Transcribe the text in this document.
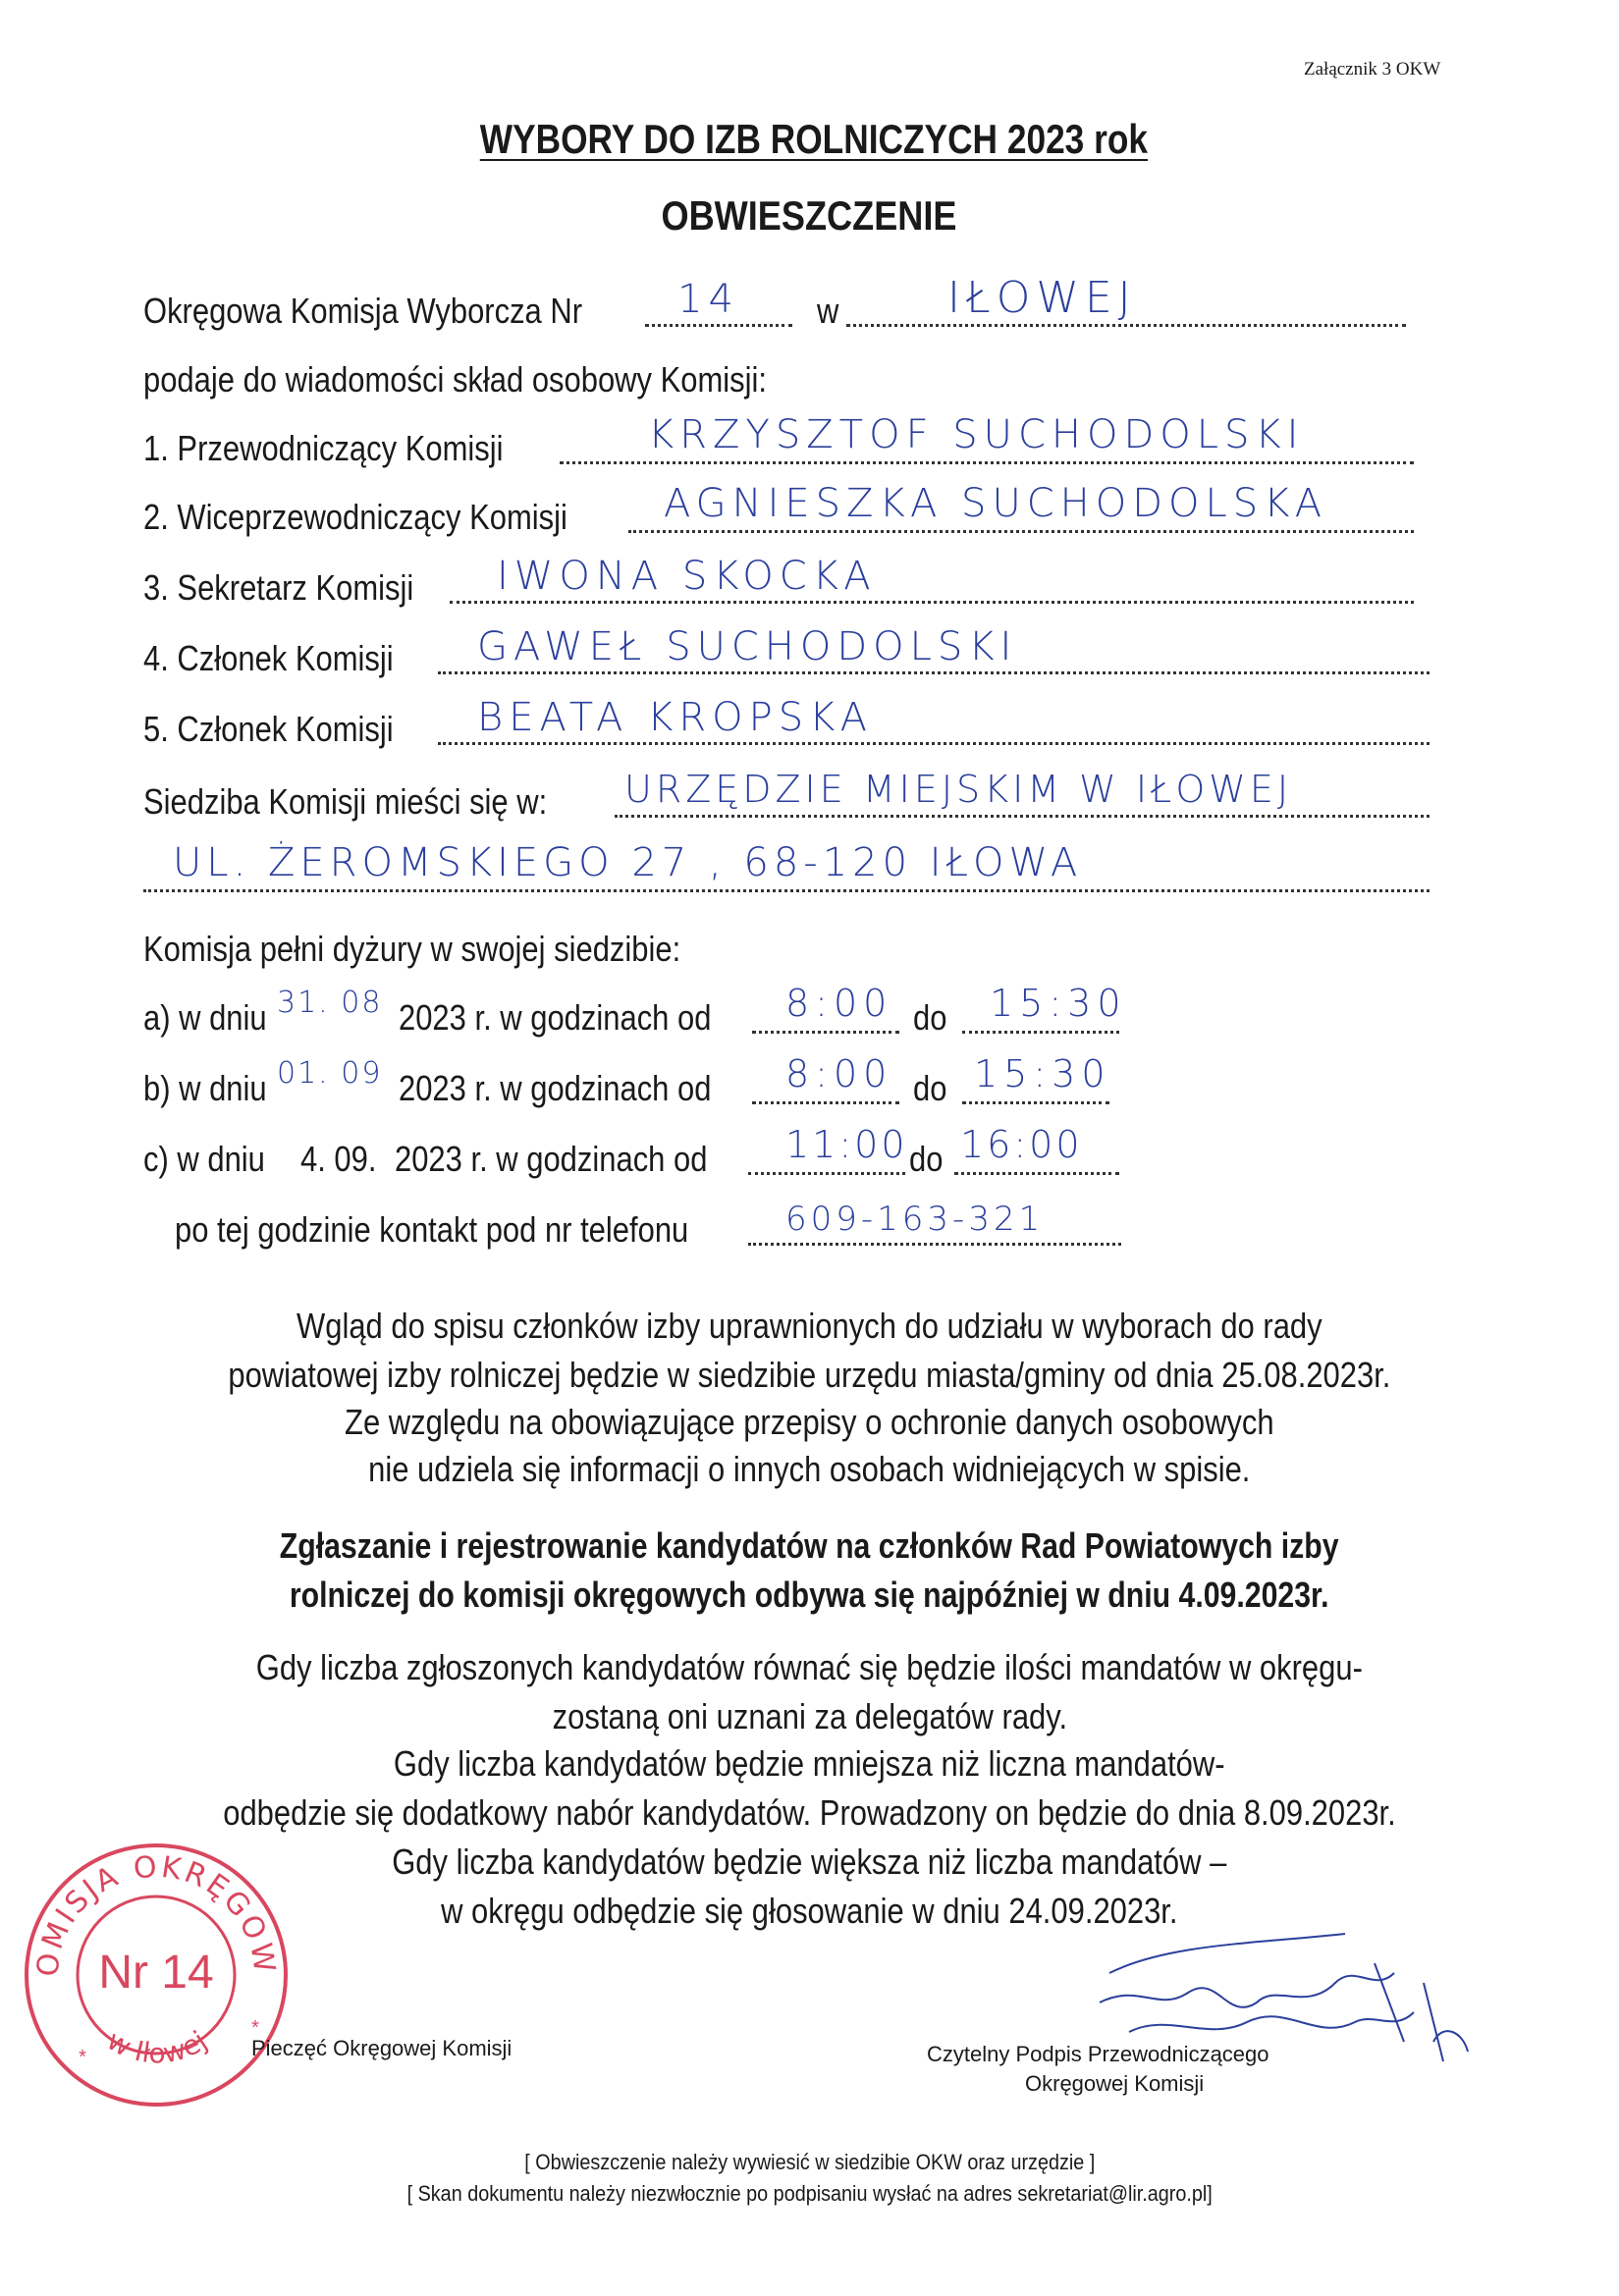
Załącznik 3 OKW
WYBORY DO IZB ROLNICZYCH 2023 rok
OBWIESZCZENIE
Okręgowa Komisja Wyborcza Nr 14 w	IŁOWEJ
podaje do wiadomości skład osobowy Komisji:
1. Przewodniczący Komisji	KRZYSZTOF SUCHODOLSKI
2. Wiceprzewodniczący Komisji AGNIESZKA SUCHODOLSKA
3. Sekretarz Komisji IWONA SKOCKA
4. Członek Komisji GAWEŁ SUCHODOLSKI
5. Członek Komisji BEATA KROPSKA
Siedziba Komisji mieści się w: URZĘDZIE MIEJSKIM W IŁOWEJ
UL. ŻEROMSKIEGO 27 , 68-120 IŁOWA
Komisja pełni dyżury w swojej siedzibie:
a) w dniu 31. 08 2023 r. w godzinach od 8:00 do 15:30
b) w dniu 01. 09 2023 r. w godzinach od 8:00 do 15:30
c) w dniu 4. 09. 2023 r. w godzinach od 11:00 do 16:00
po tej godzinie kontakt pod nr telefonu	609-163-321
Wgląd do spisu członków izby uprawnionych do udziału w wyborach do rady
powiatowej izby rolniczej będzie w siedzibie urzędu miasta/gminy od dnia 25.08.2023r.
Ze względu na obowiązujące przepisy o ochronie danych osobowych
nie udziela się informacji o innych osobach widniejących w spisie.
Zgłaszanie i rejestrowanie kandydatów na członków Rad Powiatowych izby
rolniczej do komisji okręgowych odbywa się najpóźniej w dniu 4.09.2023r.
Gdy liczba zgłoszonych kandydatów równać się będzie ilości mandatów w okręgu-
zostaną oni uznani za delegatów rady.
Gdy liczba kandydatów będzie mniejsza niż liczna mandatów-
odbędzie się dodatkowy nabór kandydatów. Prowadzony on będzie do dnia 8.09.2023r.
Gdy liczba kandydatów będzie większa niż liczba mandatów –
w okręgu odbędzie się głosowanie w dniu 24.09.2023r.
OMISJA OKRĘGOW
w Iłowej
Nr 14
*
*
Pieczęć Okręgowej Komisji	Czytelny Podpis Przewodniczącego
Okręgowej Komisji
[ Obwieszczenie należy wywiesić w siedzibie OKW oraz urzędzie ]
[ Skan dokumentu należy niezwłocznie po podpisaniu wysłać na adres sekretariat@lir.agro.pl]
